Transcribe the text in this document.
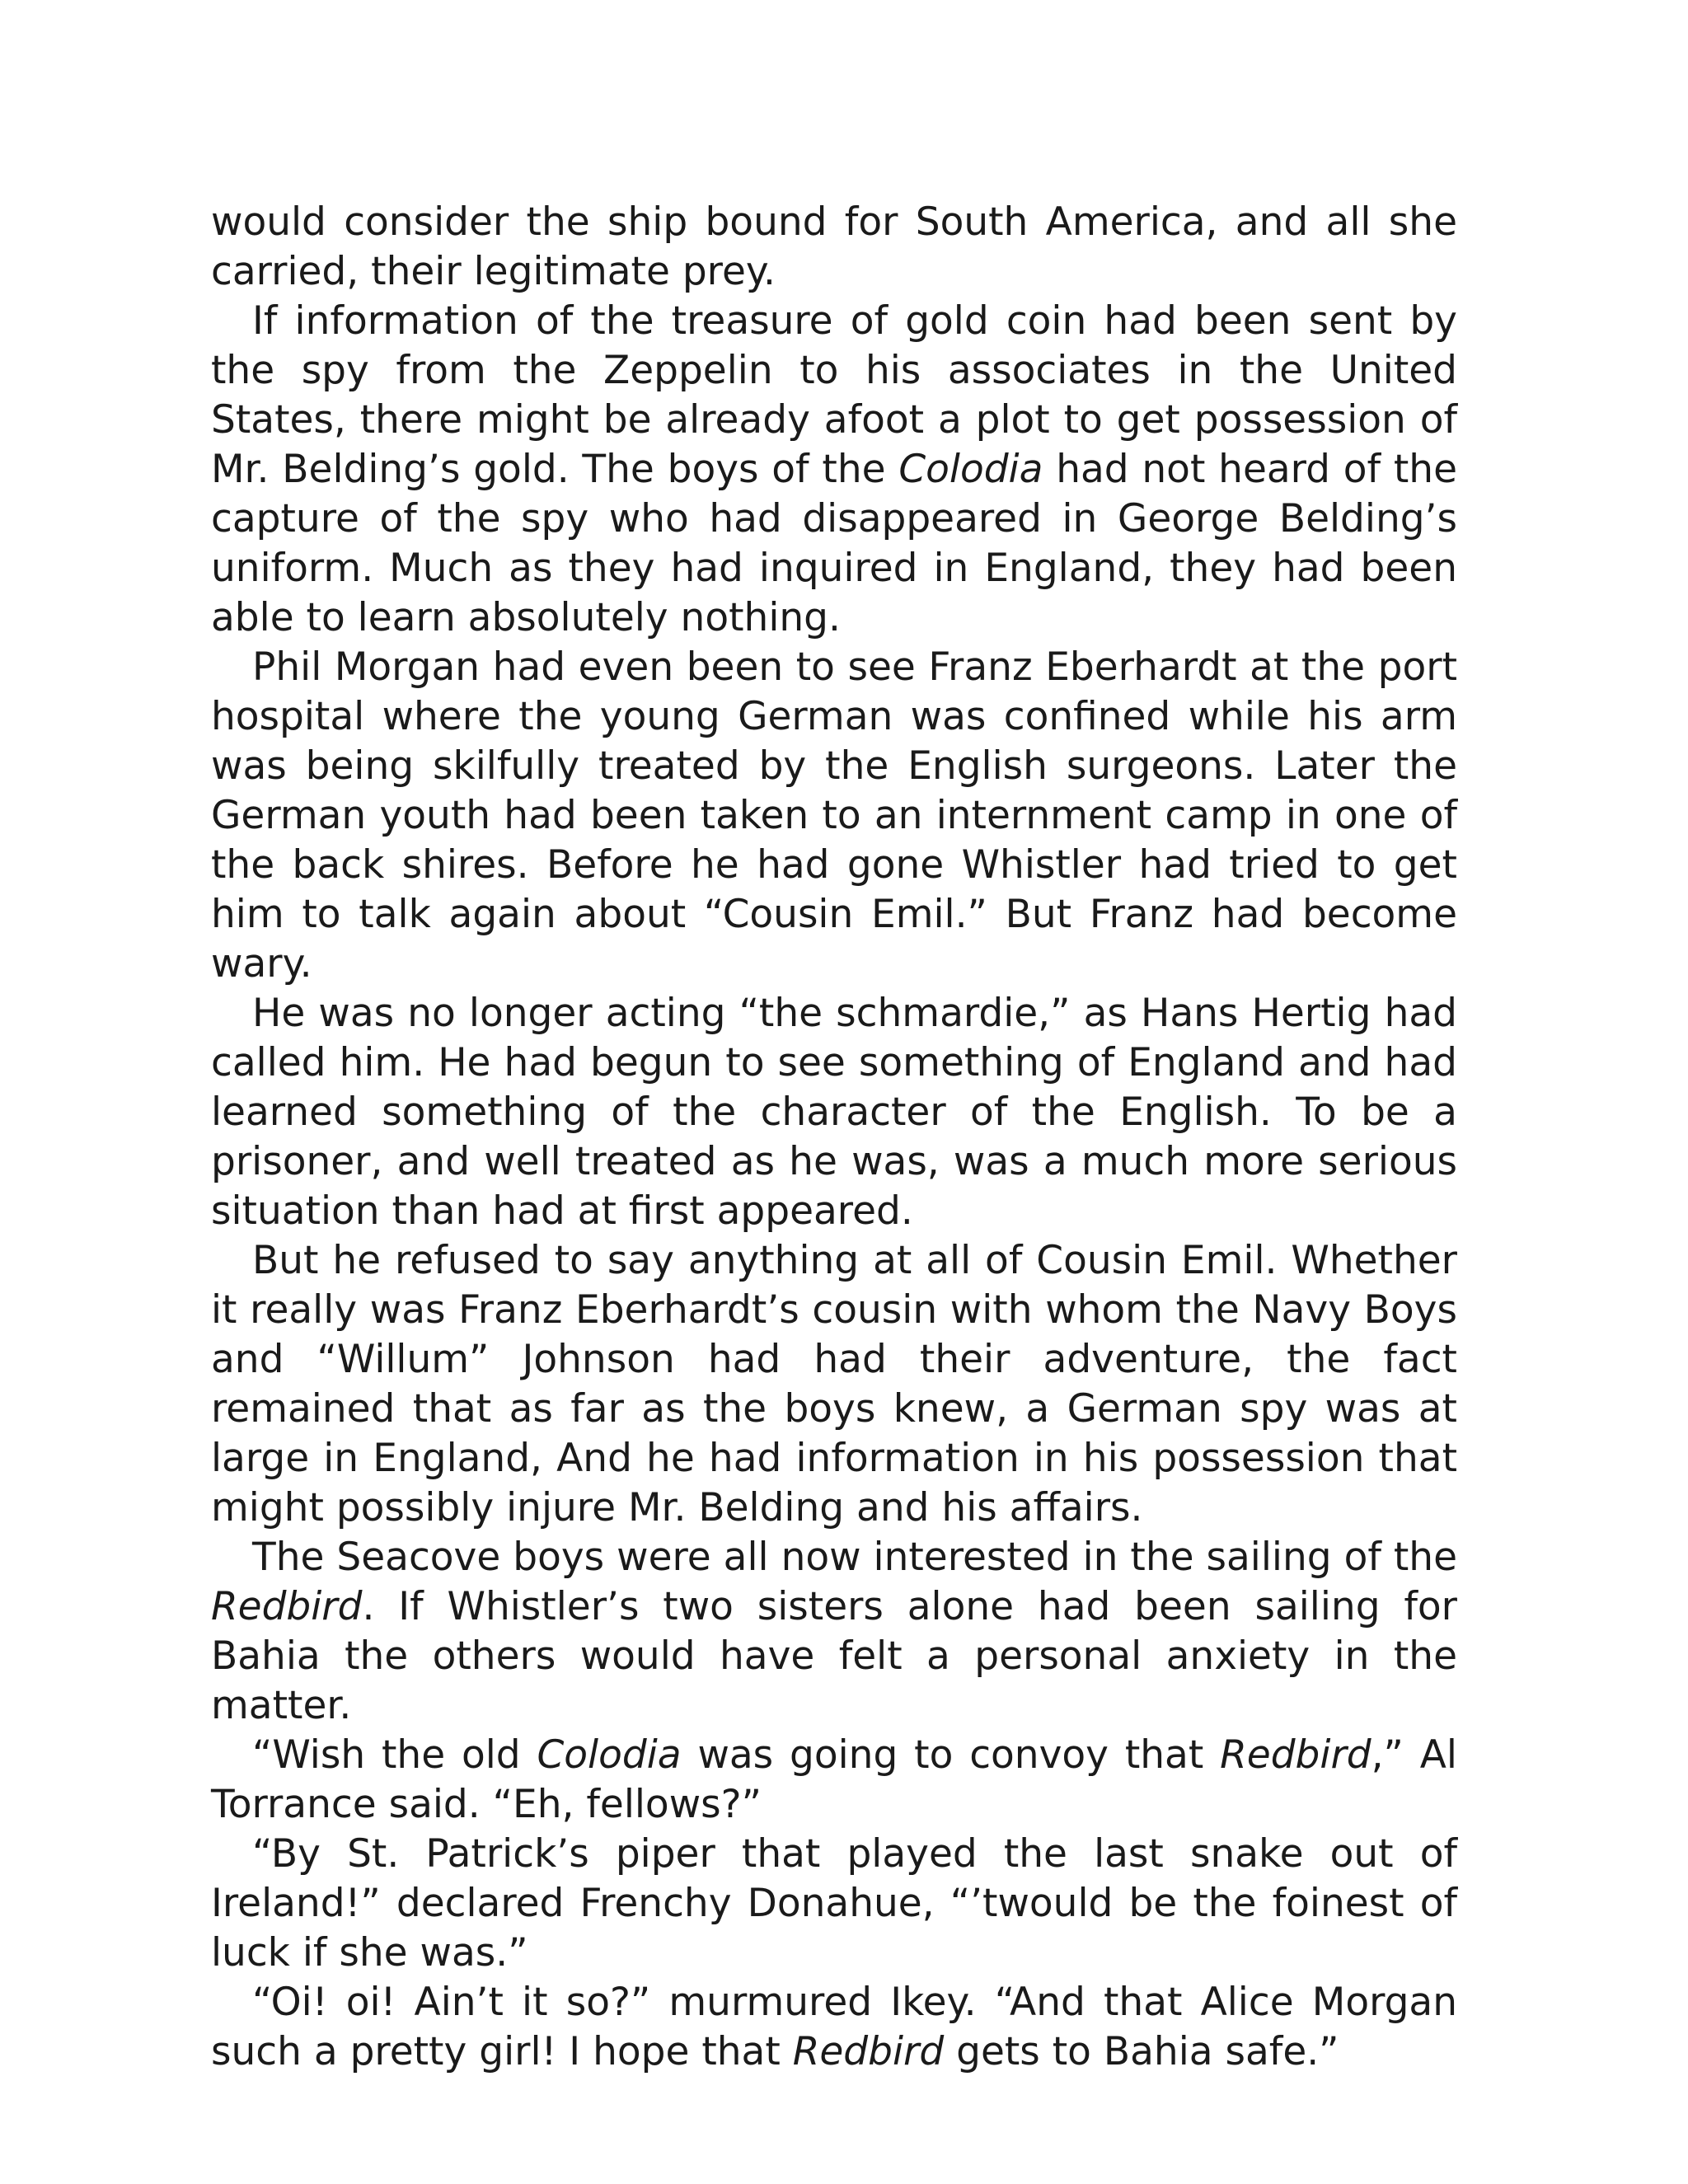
would consider the ship bound for South America, and all she carried, their legitimate prey.

If information of the treasure of gold coin had been sent by the spy from the Zeppelin to his associates in the United States, there might be already afoot a plot to get possession of Mr. Belding’s gold. The boys of the Colodia had not heard of the capture of the spy who had disappeared in George Belding’s uniform. Much as they had inquired in England, they had been able to learn absolutely nothing.

Phil Morgan had even been to see Franz Eberhardt at the port hospital where the young German was confined while his arm was being skilfully treated by the English surgeons. Later the German youth had been taken to an internment camp in one of the back shires. Before he had gone Whistler had tried to get him to talk again about “Cousin Emil.” But Franz had become wary.

He was no longer acting “the schmardie,” as Hans Hertig had called him. He had begun to see something of England and had learned something of the character of the English. To be a prisoner, and well treated as he was, was a much more serious situation than had at first appeared.

But he refused to say anything at all of Cousin Emil. Whether it really was Franz Eberhardt’s cousin with whom the Navy Boys and “Willum” Johnson had had their adventure, the fact remained that as far as the boys knew, a German spy was at large in England, And he had information in his possession that might possibly injure Mr. Belding and his affairs.

The Seacove boys were all now interested in the sailing of the Redbird. If Whistler’s two sisters alone had been sailing for Bahia the others would have felt a personal anxiety in the matter.

“Wish the old Colodia was going to convoy that Redbird,” Al Torrance said. “Eh, fellows?”

“By St. Patrick’s piper that played the last snake out of Ireland!” declared Frenchy Donahue, “’twould be the foinest of luck if she was.”

“Oi! oi! Ain’t it so?” murmured Ikey. “And that Alice Morgan such a pretty girl! I hope that Redbird gets to Bahia safe.”
